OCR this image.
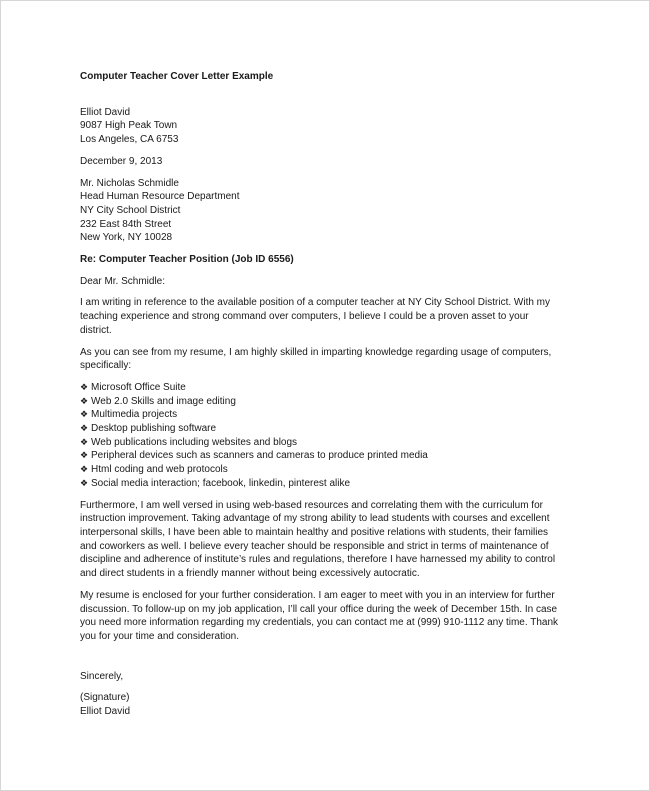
Computer Teacher Cover Letter Example
Elliot David
9087 High Peak Town
Los Angeles, CA 6753
December 9, 2013
Mr. Nicholas Schmidle
Head Human Resource Department
NY City School District
232 East 84th Street
New York, NY 10028
Re: Computer Teacher Position (Job ID 6556)

Dear Mr. Schmidle:

I am writing in reference to the available position of a computer teacher at NY City School District. With my
teaching experience and strong command over computers, I believe I could be a proven asset to your
district.

As you can see from my resume, I am highly skilled in imparting knowledge regarding usage of computers,
specifically:

❖ Microsoft Office Suite
❖ Web 2.0 Skills and image editing
❖ Multimedia projects
❖ Desktop publishing software
❖ Web publications including websites and blogs
❖ Peripheral devices such as scanners and cameras to produce printed media
❖ Html coding and web protocols
❖ Social media interaction; facebook, linkedin, pinterest alike

Furthermore, I am well versed in using web-based resources and correlating them with the curriculum for
instruction improvement. Taking advantage of my strong ability to lead students with courses and excellent
interpersonal skills, I have been able to maintain healthy and positive relations with students, their families
and coworkers as well. I believe every teacher should be responsible and strict in terms of maintenance of
discipline and adherence of institute’s rules and regulations, therefore I have harnessed my ability to control
and direct students in a friendly manner without being excessively autocratic.

My resume is enclosed for your further consideration. I am eager to meet with you in an interview for further
discussion. To follow-up on my job application, I’ll call your office during the week of December 15th. In case
you need more information regarding my credentials, you can contact me at (999) 910-1112 any time. Thank
you for your time and consideration.

Sincerely,

(Signature)
Elliot David
